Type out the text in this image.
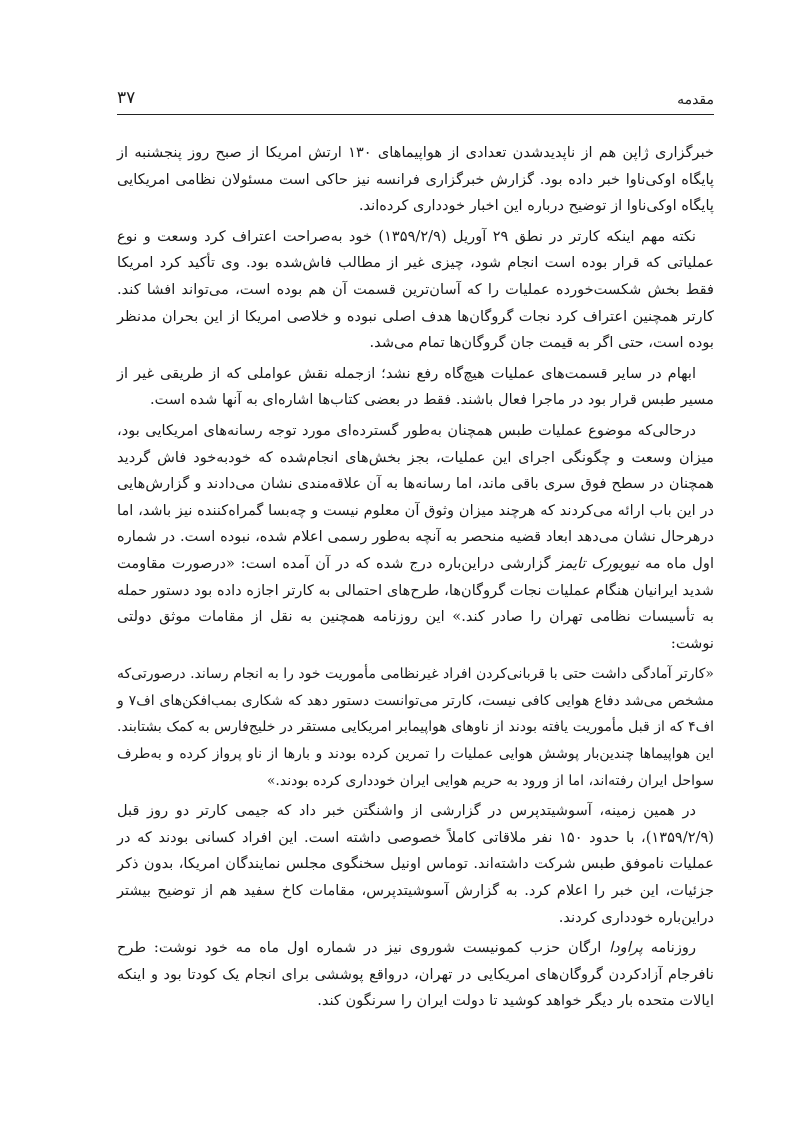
مقدمه
۳۷

خبرگزاری ژاپن هم از ناپدیدشدن تعدادی از هواپیماهای ۱۳۰ ارتش امریکا از صبح روز پنجشنبه از پایگاه اوکی‌ناوا خبر داده بود. گزارش خبرگزاری فرانسه نیز حاکی است مسئولان نظامی امریکایی پایگاه اوکی‌ناوا از توضیح درباره این اخبار خودداری کرده‌اند.

نکته مهم اینکه کارتر در نطق ۲۹ آوریل (۱۳۵۹/۲/۹) خود به‌صراحت اعتراف کرد وسعت و نوع عملیاتی که قرار بوده است انجام شود، چیزی غیر از مطالب فاش‌شده بود. وی تأکید کرد امریکا فقط بخش شکست‌خورده عملیات را که آسان‌ترین قسمت آن هم بوده است، می‌تواند افشا کند. کارتر همچنین اعتراف کرد نجات گروگان‌ها هدف اصلی نبوده و خلاصی امریکا از این بحران مدنظر بوده است، حتی اگر به قیمت جان گروگان‌ها تمام می‌شد.

ابهام در سایر قسمت‌های عملیات هیچ‌گاه رفع نشد؛ ازجمله نقش عواملی که از طریقی غیر از مسیر طبس قرار بود در ماجرا فعال باشند. فقط در بعضی کتاب‌ها اشاره‌ای به آنها شده است.

درحالی‌که موضوع عملیات طبس همچنان به‌طور گسترده‌ای مورد توجه رسانه‌های امریکایی بود، میزان وسعت و چگونگی اجرای این عملیات، بجز بخش‌های انجام‌شده که خودبه‌خود فاش گردید همچنان در سطح فوق سری باقی ماند، اما رسانه‌ها به آن علاقه‌مندی نشان می‌دادند و گزارش‌هایی در این باب ارائه می‌کردند که هرچند میزان وثوق آن معلوم نیست و چه‌بسا گمراه‌کننده نیز باشد، اما درهرحال نشان می‌دهد ابعاد قضیه منحصر به آنچه به‌طور رسمی اعلام شده، نبوده است. در شماره اول ماه مه نیویورک تایمز گزارشی دراین‌باره درج شده که در آن آمده است: «درصورت مقاومت شدید ایرانیان هنگام عملیات نجات گروگان‌ها، طرح‌های احتمالی به کارتر اجازه داده بود دستور حمله به تأسیسات نظامی تهران را صادر کند.» این روزنامه همچنین به نقل از مقامات موثق دولتی نوشت:

«کارتر آمادگی داشت حتی با قربانی‌کردن افراد غیرنظامی مأموریت خود را به انجام رساند. درصورتی‌که مشخص می‌شد دفاع هوایی کافی نیست، کارتر می‌توانست دستور دهد که شکاری بمب‌افکن‌های اف۷ و اف۴ که از قبل مأموریت یافته بودند از ناوهای هواپیمابر امریکایی مستقر در خلیج‌فارس به کمک بشتابند. این هواپیماها چندین‌بار پوشش هوایی عملیات را تمرین کرده بودند و بارها از ناو پرواز کرده و به‌طرف سواحل ایران رفته‌اند، اما از ورود به حریم هوایی ایران خودداری کرده بودند.»

در همین زمینه، آسوشیتدپرس در گزارشی از واشنگتن خبر داد که جیمی کارتر دو روز قبل (۱۳۵۹/۲/۹)، با حدود ۱۵۰ نفر ملاقاتی کاملاً خصوصی داشته است. این افراد کسانی بودند که در عملیات ناموفق طبس شرکت داشته‌اند. توماس اونیل سخنگوی مجلس نمایندگان امریکا، بدون ذکر جزئیات، این خبر را اعلام کرد. به گزارش آسوشیتدپرس، مقامات کاخ سفید هم از توضیح بیشتر دراین‌باره خودداری کردند.

روزنامه پراودا ارگان حزب کمونیست شوروی نیز در شماره اول ماه مه خود نوشت: طرح نافرجام آزادکردن گروگان‌های امریکایی در تهران، درواقع پوششی برای انجام یک کودتا بود و اینکه ایالات متحده بار دیگر خواهد کوشید تا دولت ایران را سرنگون کند.
